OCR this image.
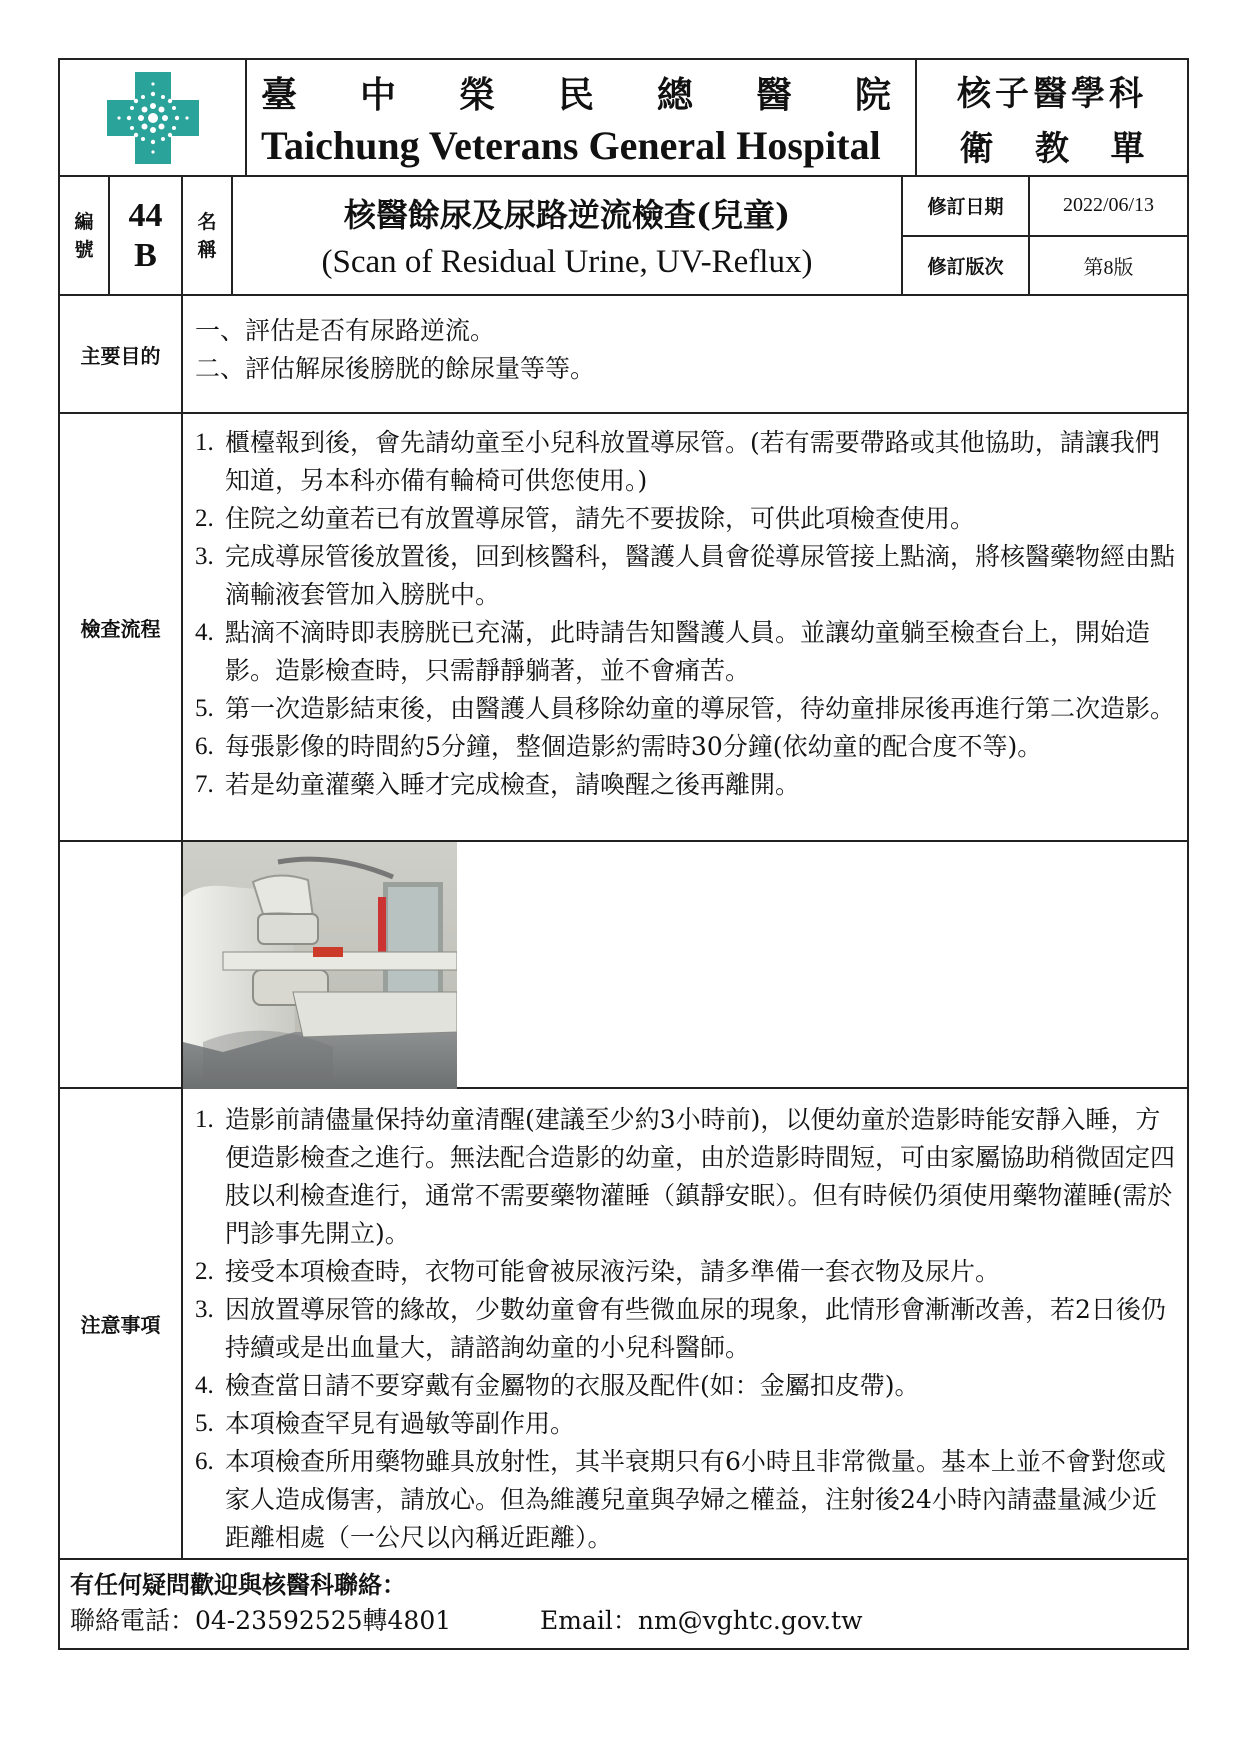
臺 中 榮 民 總 醫 院
Taichung Veterans General Hospital
核子醫學科
衛 教 單
編
號
44
B
名
稱
核醫餘尿及尿路逆流檢查(兒童)
(Scan of Residual Urine, UV-Reflux)
修訂日期	2022/06/13
修訂版次	第8版
主要目的
一、評估是否有尿路逆流。
二、評估解尿後膀胱的餘尿量等等。
檢查流程
1. 櫃檯報到後，會先請幼童至小兒科放置導尿管。(若有需要帶路或其他協助，請讓我們知道，另本科亦備有輪椅可供您使用。)
2. 住院之幼童若已有放置導尿管，請先不要拔除，可供此項檢查使用。
3. 完成導尿管後放置後，回到核醫科，醫護人員會從導尿管接上點滴，將核醫藥物經由點滴輸液套管加入膀胱中。
4. 點滴不滴時即表膀胱已充滿，此時請告知醫護人員。並讓幼童躺至檢查台上，開始造影。造影檢查時，只需靜靜躺著，並不會痛苦。
5. 第一次造影結束後，由醫護人員移除幼童的導尿管，待幼童排尿後再進行第二次造影。
6. 每張影像的時間約5分鐘，整個造影約需時30分鐘(依幼童的配合度不等)。
7. 若是幼童灌藥入睡才完成檢查，請喚醒之後再離開。
注意事項
1. 造影前請儘量保持幼童清醒(建議至少約3小時前)，以便幼童於造影時能安靜入睡，方便造影檢查之進行。無法配合造影的幼童，由於造影時間短，可由家屬協助稍微固定四肢以利檢查進行，通常不需要藥物灌睡（鎮靜安眠）。但有時候仍須使用藥物灌睡(需於門診事先開立)。
2. 接受本項檢查時，衣物可能會被尿液污染，請多準備一套衣物及尿片。
3. 因放置導尿管的緣故，少數幼童會有些微血尿的現象，此情形會漸漸改善，若2日後仍持續或是出血量大，請諮詢幼童的小兒科醫師。
4. 檢查當日請不要穿戴有金屬物的衣服及配件(如：金屬扣皮帶)。
5. 本項檢查罕見有過敏等副作用。
6. 本項檢查所用藥物雖具放射性，其半衰期只有6小時且非常微量。基本上並不會對您或家人造成傷害，請放心。但為維護兒童與孕婦之權益，注射後24小時內請盡量減少近距離相處（一公尺以內稱近距離）。
有任何疑問歡迎與核醫科聯絡：
聯絡電話：04-23592525轉4801	Email：nm@vghtc.gov.tw
